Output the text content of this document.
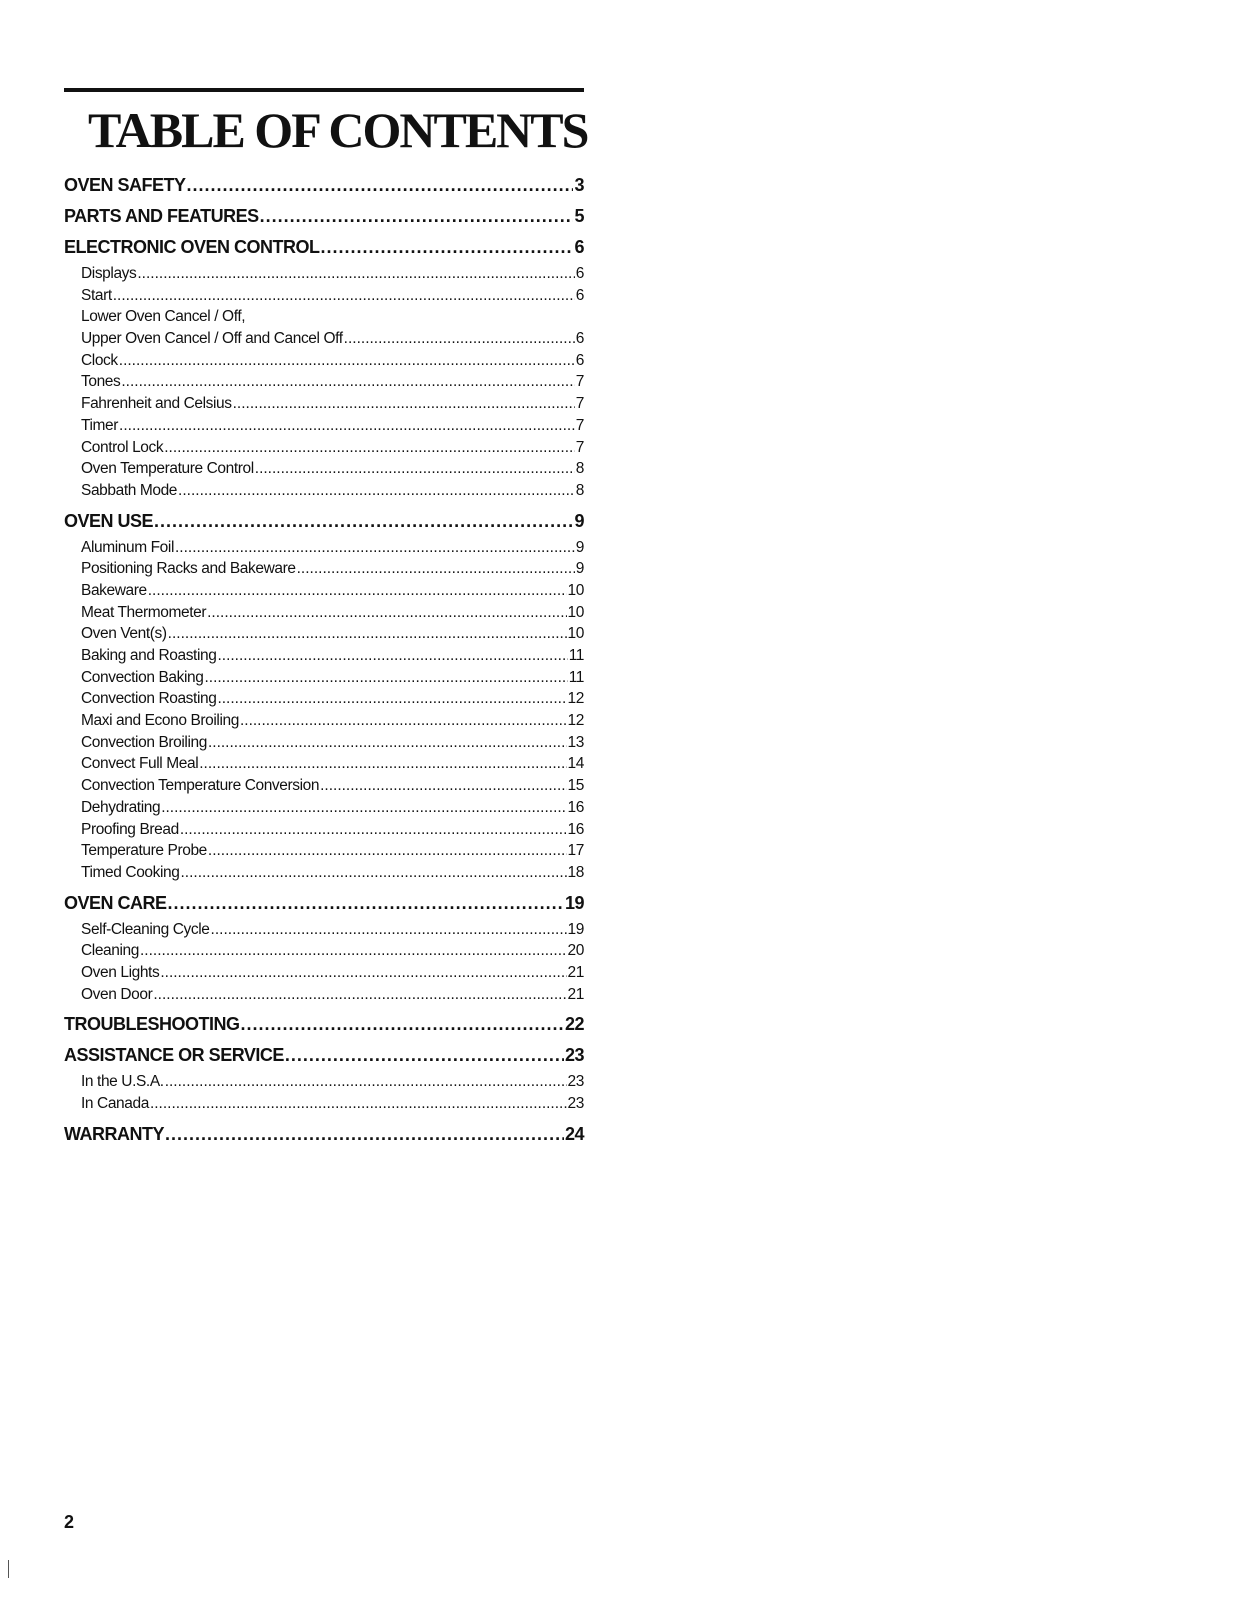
TABLE OF CONTENTS
OVEN SAFETY .....	3
PARTS AND FEATURES .....	5
ELECTRONIC OVEN CONTROL .....	6
Displays .....	6
Start .....	6
Lower Oven Cancel / Off,
Upper Oven Cancel / Off and Cancel Off .....	6
Clock .....	6
Tones .....	7
Fahrenheit and Celsius .....	7
Timer .....	7
Control Lock .....	7
Oven Temperature Control .....	8
Sabbath Mode .....	8
OVEN USE .....	9
Aluminum Foil .....	9
Positioning Racks and Bakeware .....	9
Bakeware .....	10
Meat Thermometer .....	10
Oven Vent(s) .....	10
Baking and Roasting .....	11
Convection Baking .....	11
Convection Roasting .....	12
Maxi and Econo Broiling .....	12
Convection Broiling .....	13
Convect Full Meal .....	14
Convection Temperature Conversion .....	15
Dehydrating .....	16
Proofing Bread .....	16
Temperature Probe .....	17
Timed Cooking .....	18
OVEN CARE .....	19
Self-Cleaning Cycle .....	19
Cleaning .....	20
Oven Lights .....	21
Oven Door .....	21
TROUBLESHOOTING .....	22
ASSISTANCE OR SERVICE .....	23
In the U.S.A. .....	23
In Canada .....	23
WARRANTY .....	24
2
